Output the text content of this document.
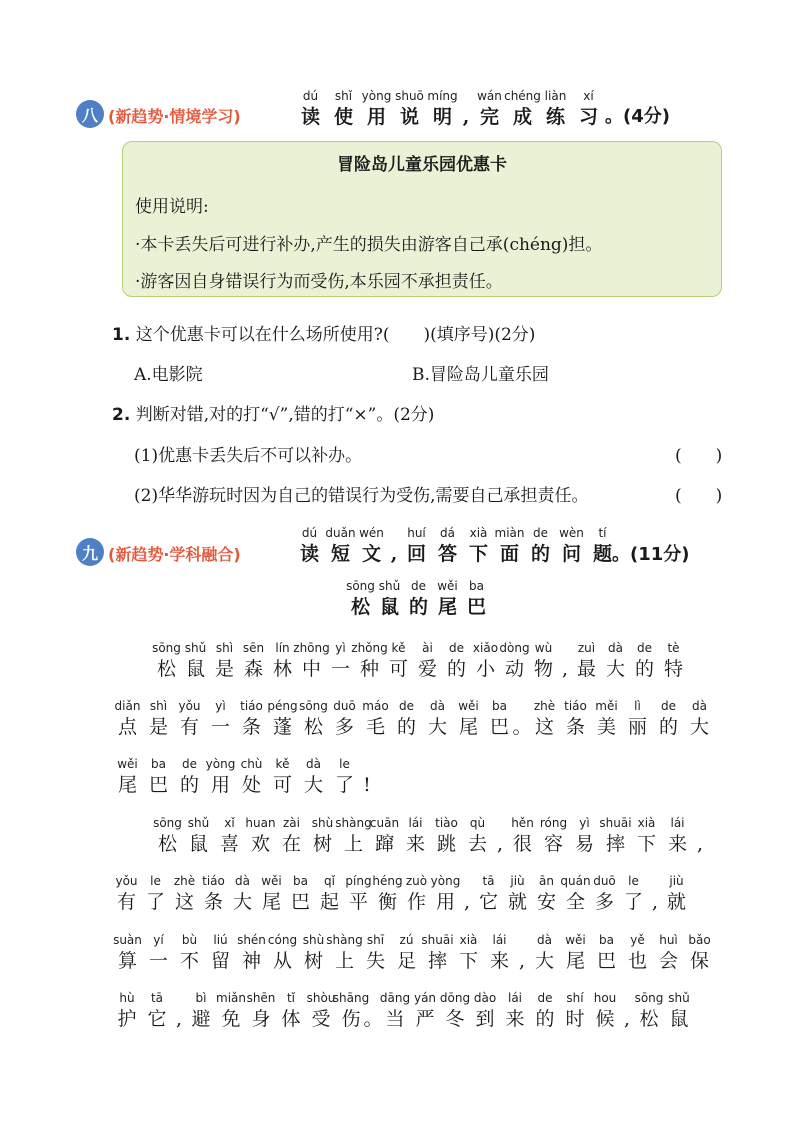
八 (新趋势·情境学习)
dú
读
shǐ
使
yòng
用
shuō
说
míng
明 ,
wán
完
chéng
成
liàn
练
xí
习 。(4分)
冒险岛儿童乐园优惠卡
使用说明:
·本卡丢失后可进行补办,产生的损失由游客自己承(chéng)担。
·游客因自身错误行为而受伤,本乐园不承担责任。
1. 这个优惠卡可以在什么场所使用?(　　)(填序号)(2分)
A.电影院	B.冒险岛儿童乐园
2. 判断对错,对的打“√”,错的打“×”。(2分)
(1)优惠卡丢失后不可以补办。	(　　)
(2)华华游玩时因为自己的错误行为受伤,需要自己承担责任。	(　　)
九 (新趋势·学科融合)
dú
读
duǎn
短
wén
文 ,
huí
回
dá
答
xià
下
miàn
面
de
的
wèn
问
tí
题 。(11分)
sōng
松
shǔ
鼠
de
的
wěi
尾
ba
巴
sōng
松
shǔ
鼠
shì
是
sēn
森
lín
林
zhōng
中
yì
一
zhǒng
种
kě
可
ài
爱
de
的
xiǎo
小
dòng
动
wù
物 ,
zuì
最
dà
大
de
的
tè
特
diǎn
点
shì
是
yǒu
有
yì
一
tiáo
条
péng
蓬
sōng
松
duō
多
máo
毛
de
的
dà
大
wěi
尾
ba
巴 。
zhè
这
tiáo
条
měi
美
lì
丽
de
的
dà
大
wěi
尾
ba
巴
de
的
yòng
用
chù
处
kě
可
dà
大
le
了 !
sōng
松
shǔ
鼠
xǐ
喜
huan
欢
zài
在
shù
树
shàng
上
cuān
蹿
lái
来
tiào
跳
qù
去 ,
hěn
很
róng
容
yì
易
shuāi
摔
xià
下
lái
来 ,
yǒu
有
le
了
zhè
这
tiáo
条
dà
大
wěi
尾
ba
巴
qǐ
起
píng
平
héng
衡
zuò
作
yòng
用 ,
tā
它
jiù
就
ān
安
quán
全
duō
多
le
了 ,
jiù
就
suàn
算
yí
一
bù
不
liú
留
shén
神
cóng
从
shù
树
shàng
上
shī
失
zú
足
shuāi
摔
xià
下
lái
来 ,
dà
大
wěi
尾
ba
巴
yě
也
huì
会
bǎo
保
hù
护
tā
它 ,
bì
避
miǎn
免
shēn
身
tǐ
体
shòu
受
shāng
伤 。
dāng
当
yán
严
dōng
冬
dào
到
lái
来
de
的
shí
时
hou
候 ,
sōng
松
shǔ
鼠
